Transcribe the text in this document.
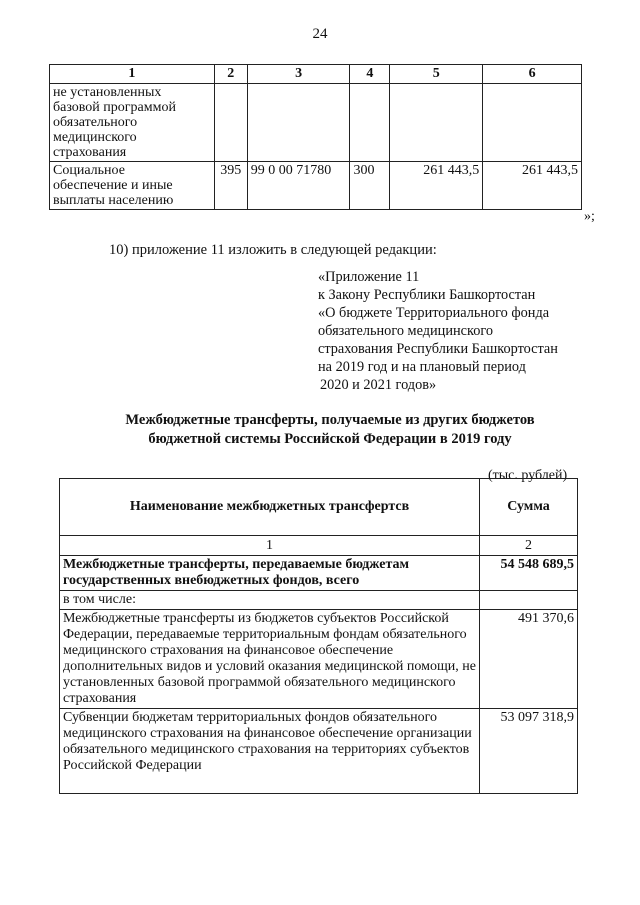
24
1	2	3	4	5	6

не установленных
базовой программой
обязательного
медицинского
страхования					

Социальное
обеспечение и иные
выплаты населению	395	99 0 00 71780	300	261 443,5	261 443,5
»;
10) приложение 11 изложить в следующей редакции:
«Приложение 11
к Закону Республики Башкортостан
«О бюджете Территориального фонда
обязательного медицинского
страхования Республики Башкортостан
на 2019 год и на плановый период
2020 и 2021 годов»
Межбюджетные трансферты, получаемые из других бюджетов
бюджетной системы Российской Федерации в 2019 году
(тыс. рублей)
Наименование межбюджетных трансфертсв	Сумма
1	2
Межбюджетные трансферты, передаваемые бюджетам государственных внебюджетных фондов, всего	54 548 689,5
в том числе:	
Межбюджетные трансферты из бюджетов субъектов Российской Федерации, передаваемые территориальным фондам обязательного медицинского страхования на финансовое обеспечение дополнительных видов и условий оказания медицинской помощи, не установленных базовой программой обязательного медицинского страхования	491 370,6
Субвенции бюджетам территориальных фондов обязательного медицинского страхования на финансовое обеспечение организации обязательного медицинского страхования на территориях субъектов Российской Федерации	53 097 318,9
